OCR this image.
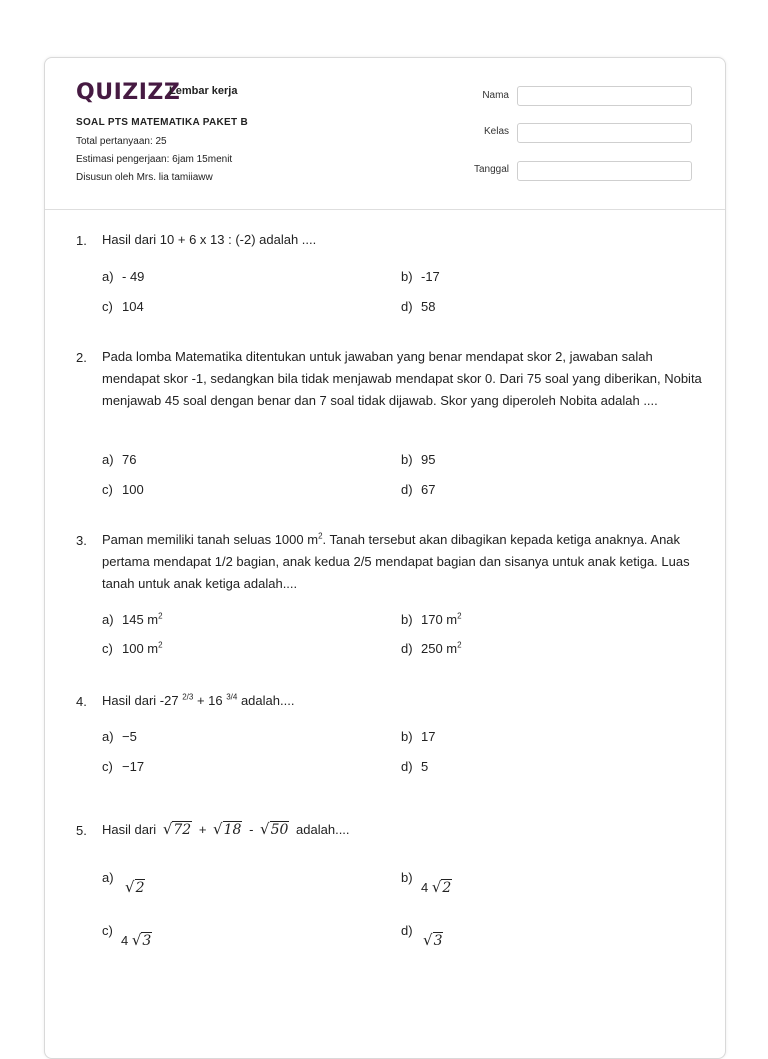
QUIZIZZ
Lembar kerja
SOAL PTS MATEMATIKA PAKET B
Total pertanyaan: 25
Estimasi pengerjaan: 6jam 15menit
Disusun oleh Mrs. lia tamiiaww
Nama
Kelas
Tanggal
1. Hasil dari 10 + 6 x 13 : (-2) adalah ....
a) - 49	b) -17
c) 104	d) 58
2. Pada lomba Matematika ditentukan untuk jawaban yang benar mendapat skor 2, jawaban salah mendapat skor -1, sedangkan bila tidak menjawab mendapat skor 0. Dari 75 soal yang diberikan, Nobita menjawab 45 soal dengan benar dan 7 soal tidak dijawab. Skor yang diperoleh Nobita adalah ....
a) 76	b) 95
c) 100	d) 67
3. Paman memiliki tanah seluas 1000 $m^2$. Tanah tersebut akan dibagikan kepada ketiga anaknya. Anak pertama mendapat 1/2 bagian, anak kedua 2/5 mendapat bagian dan sisanya untuk anak ketiga. Luas tanah untuk anak ketiga adalah....
a) 145 $m^2$	b) 170 $m^2$
c) 100 $m^2$	d) 250 $m^2$
4. Hasil dari -27 $^{2/3}$ + 16 $^{3/4}$ adalah....
a) −5	b) 17
c) −17	d) 5
5. Hasil dari √72 + √18 - √50 adalah....
a)
√2
b)
4 √2
c)
4 √3
d)
√3
